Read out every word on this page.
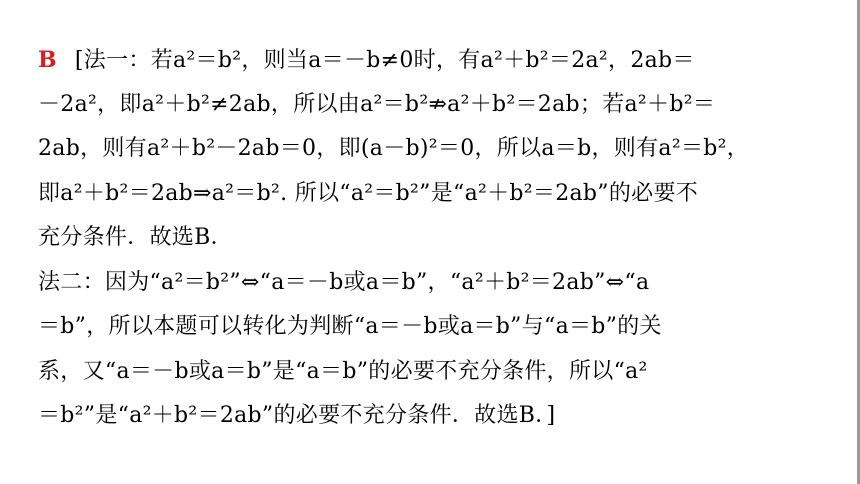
B [法一：若a²＝b²，则当a＝－b≠0时，有a²＋b²＝2a²，2ab＝
－2a²，即a²＋b²≠2ab，所以由a²＝b²⇏a²＋b²＝2ab；若a²＋b²＝
2ab，则有a²＋b²－2ab＝0，即(a－b)²＝0，所以a＝b，则有a²＝b²，
即a²＋b²＝2ab⇒a²＝b². 所以“a²＝b²”是“a²＋b²＝2ab”的必要不
充分条件．故选B．
法二：因为“a²＝b²”⇔“a＝－b或a＝b”，“a²＋b²＝2ab”⇔“a
＝b”，所以本题可以转化为判断“a＝－b或a＝b”与“a＝b”的关
系，又“a＝－b或a＝b”是“a＝b”的必要不充分条件，所以“a²
＝b²”是“a²＋b²＝2ab”的必要不充分条件．故选B．]
